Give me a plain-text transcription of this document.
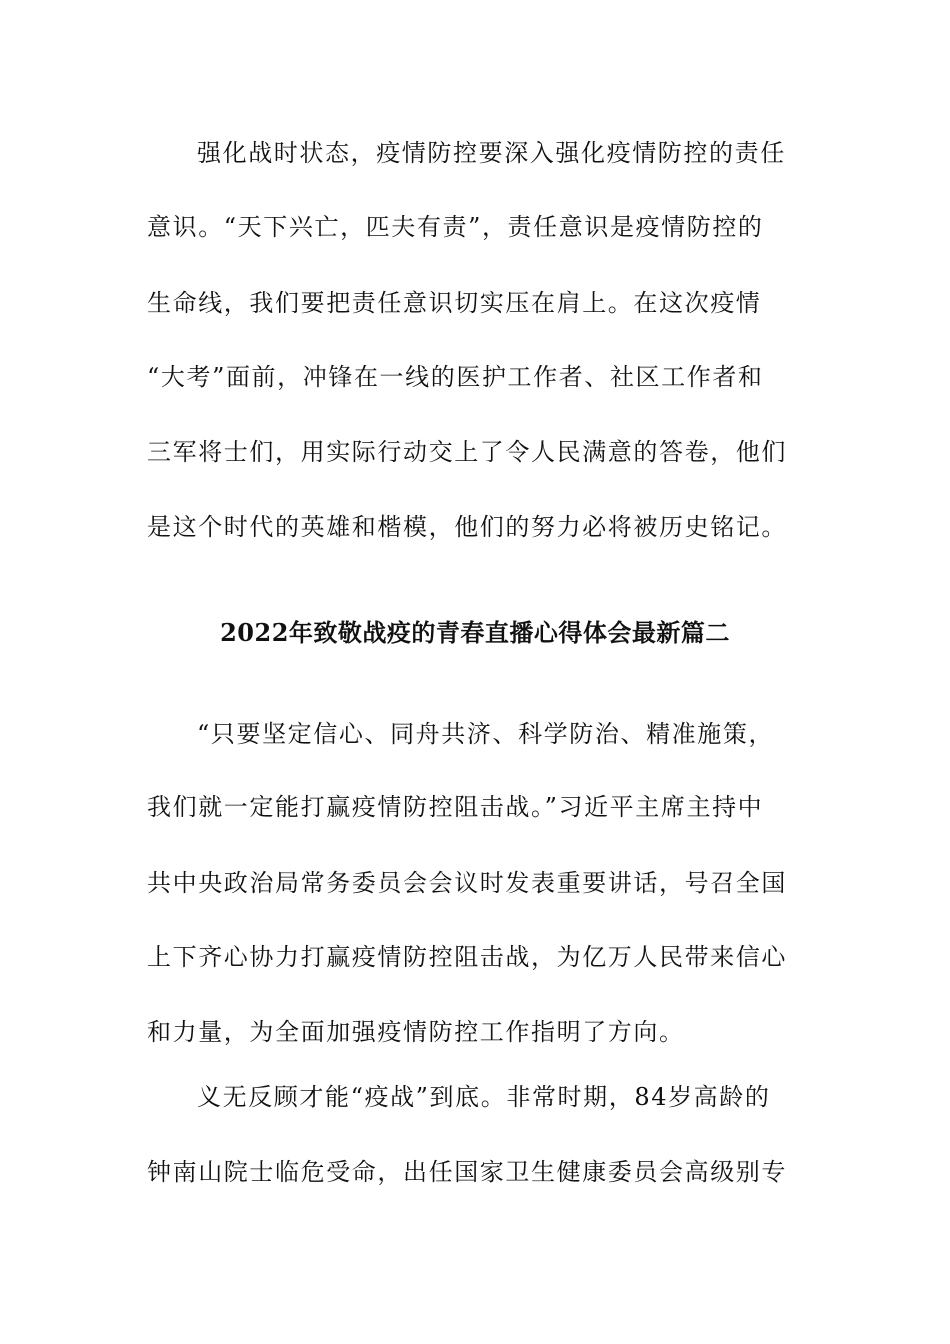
强化战时状态，疫情防控要深入强化疫情防控的责任
意识。“天下兴亡，匹夫有责”，责任意识是疫情防控的
生命线，我们要把责任意识切实压在肩上。在这次疫情
“大考”面前，冲锋在一线的医护工作者、社区工作者和
三军将士们，用实际行动交上了令人民满意的答卷，他们
是这个时代的英雄和楷模，他们的努力必将被历史铭记。
2022年致敬战疫的青春直播心得体会最新篇二
“只要坚定信心、同舟共济、科学防治、精准施策，
我们就一定能打赢疫情防控阻击战。”习近平主席主持中
共中央政治局常务委员会会议时发表重要讲话，号召全国
上下齐心协力打赢疫情防控阻击战，为亿万人民带来信心
和力量，为全面加强疫情防控工作指明了方向。
义无反顾才能“疫战”到底。非常时期，84岁高龄的
钟南山院士临危受命，出任国家卫生健康委员会高级别专
